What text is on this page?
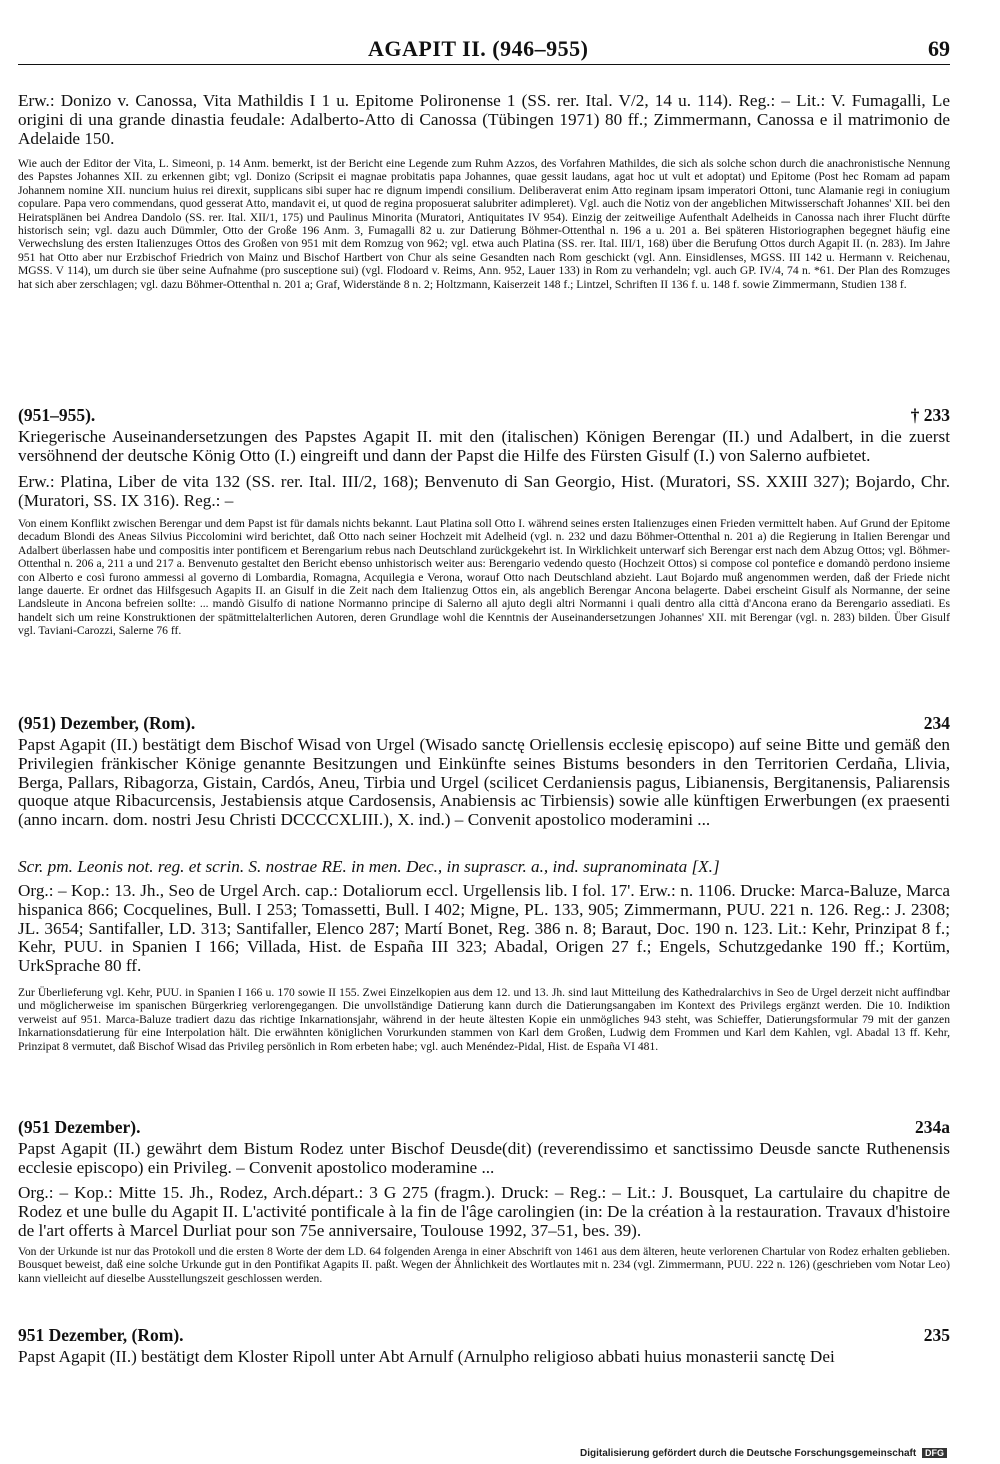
AGAPIT II. (946–955)	69

Erw.: Donizo v. Canossa, Vita Mathildis I 1 u. Epitome Polironense 1 (SS. rer. Ital. V/2, 14 u. 114). Reg.: – Lit.: V. Fumagalli, Le origini di una grande dinastia feudale: Adalberto-Atto di Canossa (Tübingen 1971) 80 ff.; Zimmermann, Canossa e il matrimonio de Adelaide 150.

Wie auch der Editor der Vita, L. Simeoni, p. 14 Anm. bemerkt, ist der Bericht eine Legende zum Ruhm Azzos, des Vorfahren Mathildes, die sich als solche schon durch die anachronistische Nennung des Papstes Johannes XII. zu erkennen gibt; vgl. Donizo (Scripsit ei magnae probitatis papa Johannes, quae gessit laudans, agat hoc ut vult et adoptat) und Epitome (Post hec Romam ad papam Johannem nomine XII. nuncium huius rei direxit, supplicans sibi super hac re dignum impendi consilium. Deliberaverat enim Atto reginam ipsam imperatori Ottoni, tunc Alamanie regi in coniugium copulare. Papa vero commendans, quod gesserat Atto, mandavit ei, ut quod de regina proposuerat salubriter adimpleret). Vgl. auch die Notiz von der angeblichen Mitwisserschaft Johannes' XII. bei den Heiratsplänen bei Andrea Dandolo (SS. rer. Ital. XII/1, 175) und Paulinus Minorita (Muratori, Antiquitates IV 954). Einzig der zeitweilige Aufenthalt Adelheids in Canossa nach ihrer Flucht dürfte historisch sein; vgl. dazu auch Dümmler, Otto der Große 196 Anm. 3, Fumagalli 82 u. zur Datierung Böhmer-Ottenthal n. 196 a u. 201 a. Bei späteren Historiographen begegnet häufig eine Verwechslung des ersten Italienzuges Ottos des Großen von 951 mit dem Romzug von 962; vgl. etwa auch Platina (SS. rer. Ital. III/1, 168) über die Berufung Ottos durch Agapit II. (n. 283). Im Jahre 951 hat Otto aber nur Erzbischof Friedrich von Mainz und Bischof Hartbert von Chur als seine Gesandten nach Rom geschickt (vgl. Ann. Einsidlenses, MGSS. III 142 u. Hermann v. Reichenau, MGSS. V 114), um durch sie über seine Aufnahme (pro susceptione sui) (vgl. Flodoard v. Reims, Ann. 952, Lauer 133) in Rom zu verhandeln; vgl. auch GP. IV/4, 74 n. *61. Der Plan des Romzuges hat sich aber zerschlagen; vgl. dazu Böhmer-Ottenthal n. 201 a; Graf, Widerstände 8 n. 2; Holtzmann, Kaiserzeit 148 f.; Lintzel, Schriften II 136 f. u. 148 f. sowie Zimmermann, Studien 138 f.

(951–955).	† 233

Kriegerische Auseinandersetzungen des Papstes Agapit II. mit den (italischen) Königen Berengar (II.) und Adalbert, in die zuerst versöhnend der deutsche König Otto (I.) eingreift und dann der Papst die Hilfe des Fürsten Gisulf (I.) von Salerno aufbietet.

Erw.: Platina, Liber de vita 132 (SS. rer. Ital. III/2, 168); Benvenuto di San Georgio, Hist. (Muratori, SS. XXIII 327); Bojardo, Chr. (Muratori, SS. IX 316). Reg.: –

Von einem Konflikt zwischen Berengar und dem Papst ist für damals nichts bekannt. Laut Platina soll Otto I. während seines ersten Italienzuges einen Frieden vermittelt haben. Auf Grund der Epitome decadum Blondi des Aneas Silvius Piccolomini wird berichtet, daß Otto nach seiner Hochzeit mit Adelheid (vgl. n. 232 und dazu Böhmer-Ottenthal n. 201 a) die Regierung in Italien Berengar und Adalbert überlassen habe und compositis inter pontificem et Berengarium rebus nach Deutschland zurückgekehrt ist. In Wirklichkeit unterwarf sich Berengar erst nach dem Abzug Ottos; vgl. Böhmer-Ottenthal n. 206 a, 211 a und 217 a. Benvenuto gestaltet den Bericht ebenso unhistorisch weiter aus: Berengario vedendo questo (Hochzeit Ottos) si compose col pontefice e domandò perdono insieme con Alberto e così furono ammessi al governo di Lombardia, Romagna, Acquilegia e Verona, worauf Otto nach Deutschland abzieht. Laut Bojardo muß angenommen werden, daß der Friede nicht lange dauerte. Er ordnet das Hilfsgesuch Agapits II. an Gisulf in die Zeit nach dem Italienzug Ottos ein, als angeblich Berengar Ancona belagerte. Dabei erscheint Gisulf als Normanne, der seine Landsleute in Ancona befreien sollte: ... mandò Gisulfo di natione Normanno principe di Salerno all ajuto degli altri Normanni i quali dentro alla città d'Ancona erano da Berengario assediati. Es handelt sich um reine Konstruktionen der spätmittelalterlichen Autoren, deren Grundlage wohl die Kenntnis der Auseinandersetzungen Johannes' XII. mit Berengar (vgl. n. 283) bilden. Über Gisulf vgl. Taviani-Carozzi, Salerne 76 ff.

(951) Dezember, (Rom).	234

Papst Agapit (II.) bestätigt dem Bischof Wisad von Urgel (Wisado sanctę Oriellensis ecclesię episcopo) auf seine Bitte und gemäß den Privilegien fränkischer Könige genannte Besitzungen und Einkünfte seines Bistums besonders in den Territorien Cerdaña, Llivia, Berga, Pallars, Ribagorza, Gistain, Cardós, Aneu, Tirbia und Urgel (scilicet Cerdaniensis pagus, Libianensis, Bergitanensis, Paliarensis quoque atque Ribacurcensis, Jestabiensis atque Cardosensis, Anabiensis ac Tirbiensis) sowie alle künftigen Erwerbungen (ex praesenti (anno incarn. dom. nostri Jesu Christi DCCCCXLIII.), X. ind.) – Convenit apostolico moderamini ...

Scr. pm. Leonis not. reg. et scrin. S. nostrae RE. in men. Dec., in suprascr. a., ind. supranominata [X.]

Org.: – Kop.: 13. Jh., Seo de Urgel Arch. cap.: Dotaliorum eccl. Urgellensis lib. I fol. 17'. Erw.: n. 1106. Drucke: Marca-Baluze, Marca hispanica 866; Cocquelines, Bull. I 253; Tomassetti, Bull. I 402; Migne, PL. 133, 905; Zimmermann, PUU. 221 n. 126. Reg.: J. 2308; JL. 3654; Santifaller, LD. 313; Santifaller, Elenco 287; Martí Bonet, Reg. 386 n. 8; Baraut, Doc. 190 n. 123. Lit.: Kehr, Prinzipat 8 f.; Kehr, PUU. in Spanien I 166; Villada, Hist. de España III 323; Abadal, Origen 27 f.; Engels, Schutzgedanke 190 ff.; Kortüm, UrkSprache 80 ff.

Zur Überlieferung vgl. Kehr, PUU. in Spanien I 166 u. 170 sowie II 155. Zwei Einzelkopien aus dem 12. und 13. Jh. sind laut Mitteilung des Kathedralarchivs in Seo de Urgel derzeit nicht auffindbar und möglicherweise im spanischen Bürgerkrieg verlorengegangen. Die unvollständige Datierung kann durch die Datierungsangaben im Kontext des Privilegs ergänzt werden. Die 10. Indiktion verweist auf 951. Marca-Baluze tradiert dazu das richtige Inkarnationsjahr, während in der heute ältesten Kopie ein unmögliches 943 steht, was Schieffer, Datierungsformular 79 mit der ganzen Inkarnationsdatierung für eine Interpolation hält. Die erwähnten königlichen Vorurkunden stammen von Karl dem Großen, Ludwig dem Frommen und Karl dem Kahlen, vgl. Abadal 13 ff. Kehr, Prinzipat 8 vermutet, daß Bischof Wisad das Privileg persönlich in Rom erbeten habe; vgl. auch Menéndez-Pidal, Hist. de España VI 481.

(951 Dezember).	234a

Papst Agapit (II.) gewährt dem Bistum Rodez unter Bischof Deusde(dit) (reverendissimo et sanctissimo Deusde sancte Ruthenensis ecclesie episcopo) ein Privileg. – Convenit apostolico moderamine ...

Org.: – Kop.: Mitte 15. Jh., Rodez, Arch.départ.: 3 G 275 (fragm.). Druck: – Reg.: – Lit.: J. Bousquet, La cartulaire du chapitre de Rodez et une bulle du Agapit II. L'activité pontificale à la fin de l'âge carolingien (in: De la création à la restauration. Travaux d'histoire de l'art offerts à Marcel Durliat pour son 75e anniversaire, Toulouse 1992, 37–51, bes. 39).

Von der Urkunde ist nur das Protokoll und die ersten 8 Worte der dem LD. 64 folgenden Arenga in einer Abschrift von 1461 aus dem älteren, heute verlorenen Chartular von Rodez erhalten geblieben. Bousquet beweist, daß eine solche Urkunde gut in den Pontifikat Agapits II. paßt. Wegen der Ähnlichkeit des Wortlautes mit n. 234 (vgl. Zimmermann, PUU. 222 n. 126) (geschrieben vom Notar Leo) kann vielleicht auf dieselbe Ausstellungszeit geschlossen werden.

951 Dezember, (Rom).	235

Papst Agapit (II.) bestätigt dem Kloster Ripoll unter Abt Arnulf (Arnulpho religioso abbati huius monasterii sanctę Dei

Digitalisierung gefördert durch die Deutsche Forschungsgemeinschaft DFG
